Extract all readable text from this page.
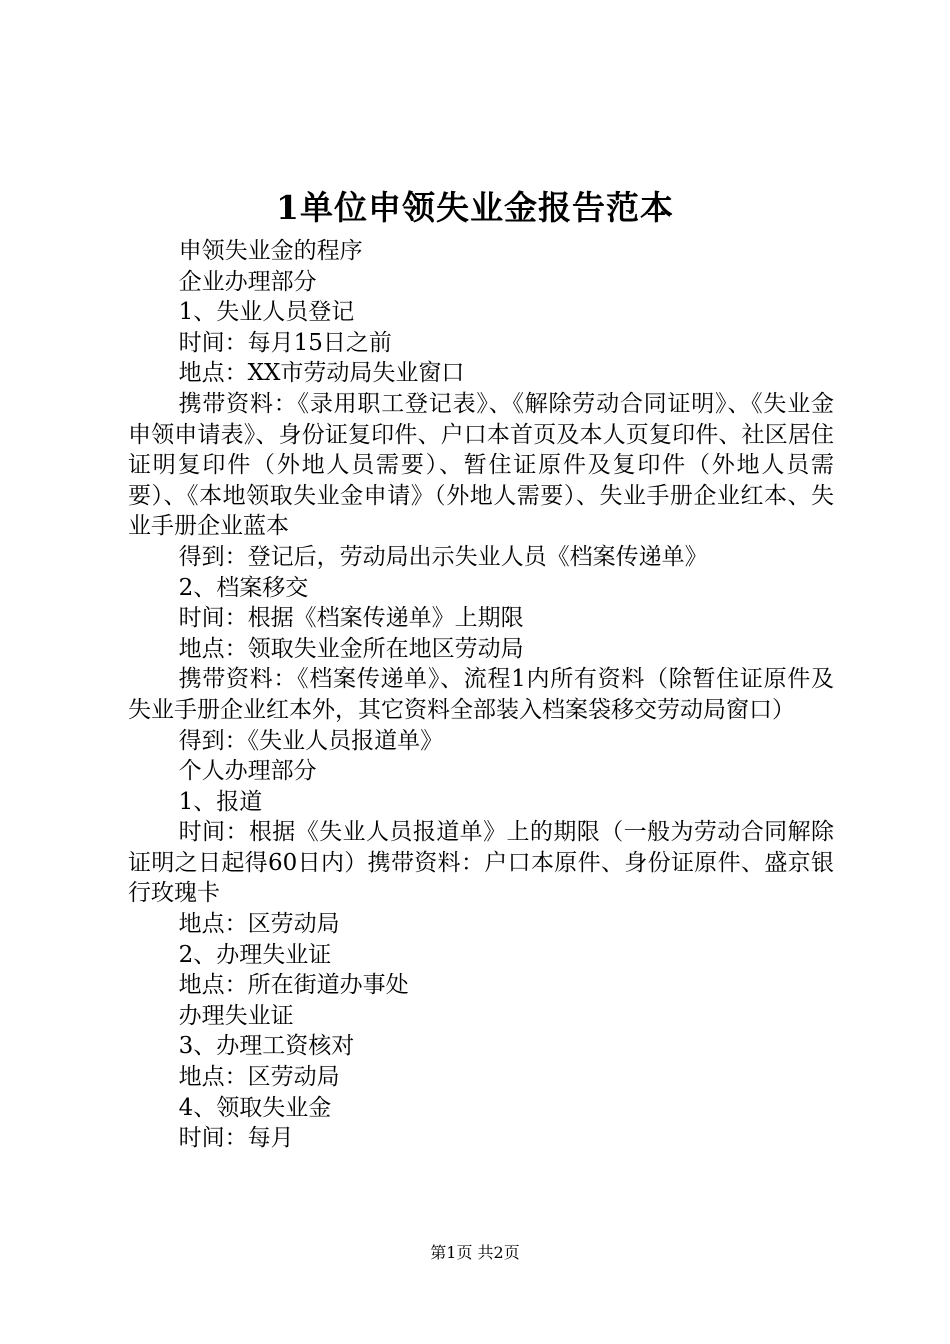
1单位申领失业金报告范本

申领失业金的程序

企业办理部分

1、失业人员登记

时间：每月15日之前

地点：XX市劳动局失业窗口

携带资料：《录用职工登记表》、《解除劳动合同证明》、《失业金申领申请表》、身份证复印件、户口本首页及本人页复印件、社区居住证明复印件（外地人员需要）、暂住证原件及复印件（外地人员需要）、《本地领取失业金申请》（外地人需要）、失业手册企业红本、失业手册企业蓝本

得到：登记后，劳动局出示失业人员《档案传递单》

2、档案移交

时间：根据《档案传递单》上期限

地点：领取失业金所在地区劳动局

携带资料：《档案传递单》、流程1内所有资料（除暂住证原件及失业手册企业红本外，其它资料全部装入档案袋移交劳动局窗口）

得到：《失业人员报道单》

个人办理部分

1、报道

时间：根据《失业人员报道单》上的期限（一般为劳动合同解除证明之日起得60日内）携带资料：户口本原件、身份证原件、盛京银行玫瑰卡

地点：区劳动局

2、办理失业证

地点：所在街道办事处

办理失业证

3、办理工资核对

地点：区劳动局

4、领取失业金

时间：每月

第1页 共2页
